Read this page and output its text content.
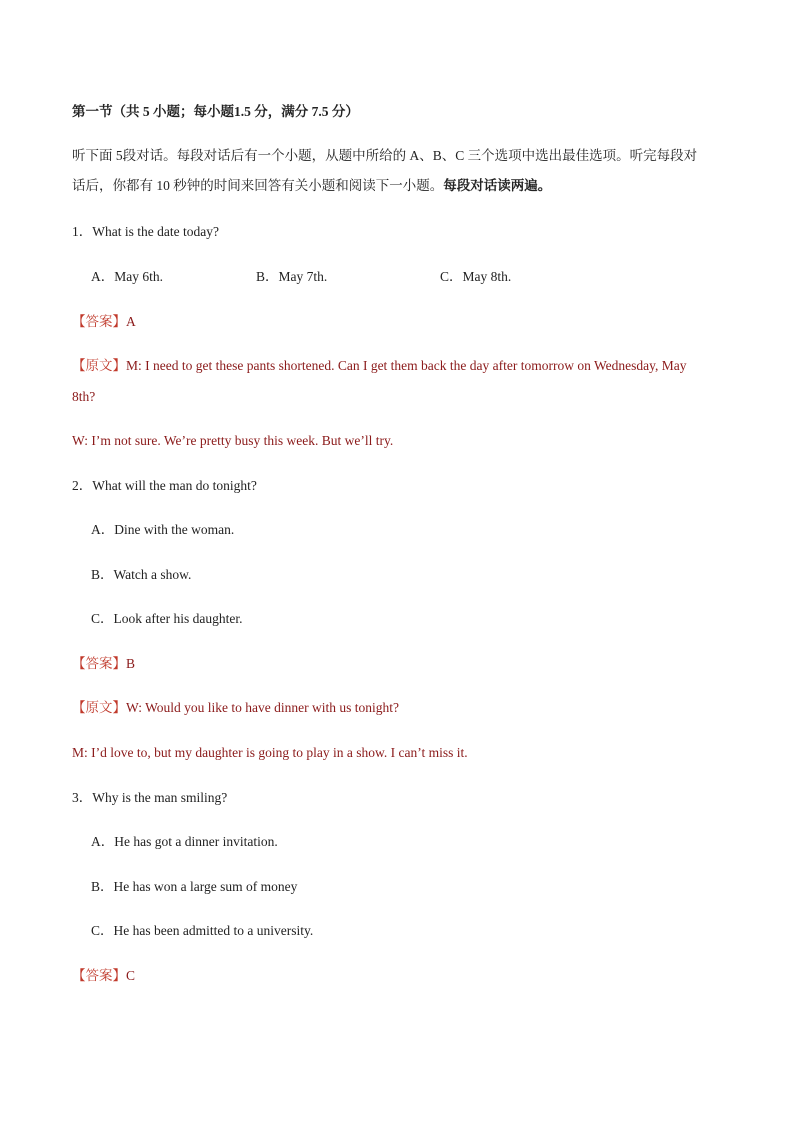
第一节（共 5 小题；每小题1.5 分，满分 7.5 分）
听下面 5段对话。每段对话后有一个小题，从题中所给的 A、B、C 三个选项中选出最佳选项。听完每段对
话后，你都有 10 秒钟的时间来回答有关小题和阅读下一小题。每段对话读两遍。
1．What is the date today?
A．May 6th.	B．May 7th.	C．May 8th.
【答案】A
【原文】M: I need to get these pants shortened. Can I get them back the day after tomorrow on Wednesday, May
8th?
W: I’m not sure. We’re pretty busy this week. But we’ll try.
2．What will the man do tonight?
A．Dine with the woman.
B．Watch a show.
C．Look after his daughter.
【答案】B
【原文】W: Would you like to have dinner with us tonight?
M: I’d love to, but my daughter is going to play in a show. I can’t miss it.
3．Why is the man smiling?
A．He has got a dinner invitation.
B．He has won a large sum of money
C．He has been admitted to a university.
【答案】C
